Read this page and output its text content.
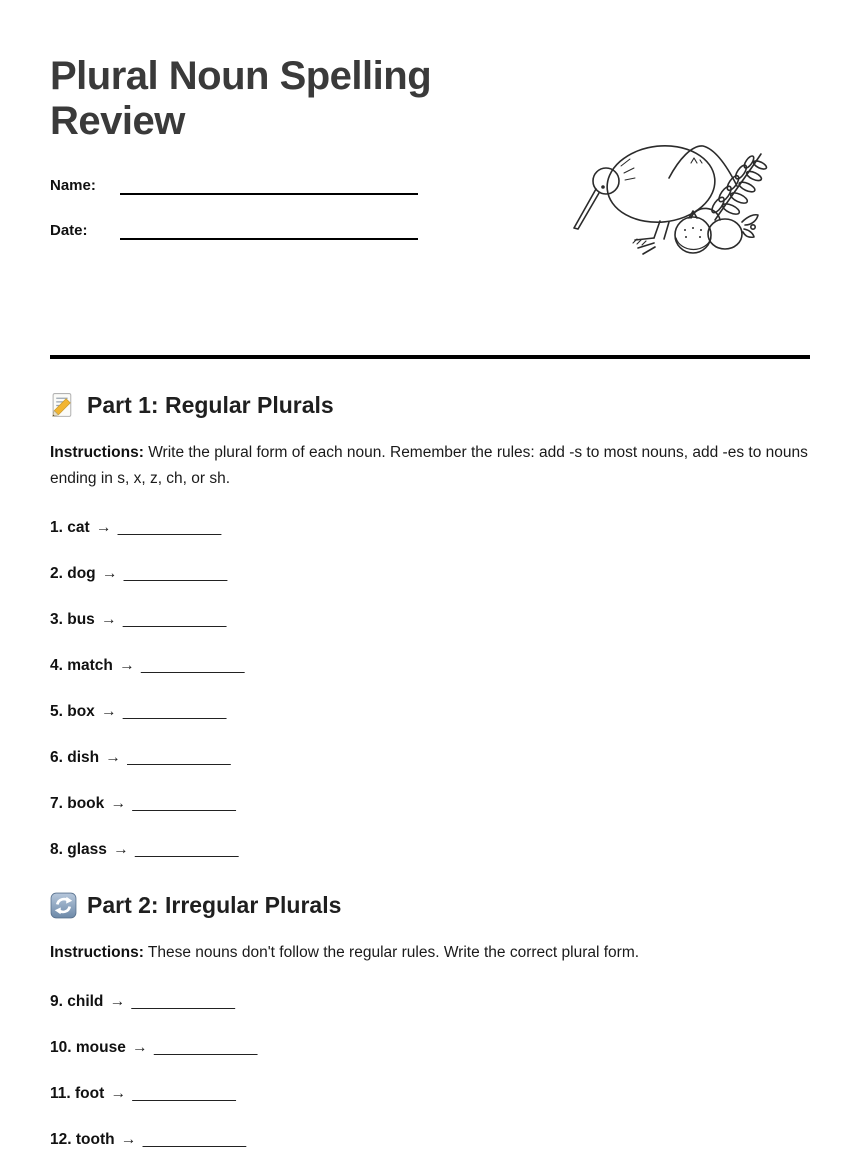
Plural Noun Spelling Review
Name:
Date:
Part 1: Regular Plurals

Instructions: Write the plural form of each noun. Remember the rules: add -s to most nouns, add -es to nouns ending in s, x, z, ch, or sh.

1. cat → ____________

2. dog → ____________

3. bus → ____________

4. match → ____________

5. box → ____________

6. dish → ____________

7. book → ____________

8. glass → ____________

Part 2: Irregular Plurals

Instructions: These nouns don't follow the regular rules. Write the correct plural form.

9. child → ____________

10. mouse → ____________

11. foot → ____________

12. tooth → ____________
